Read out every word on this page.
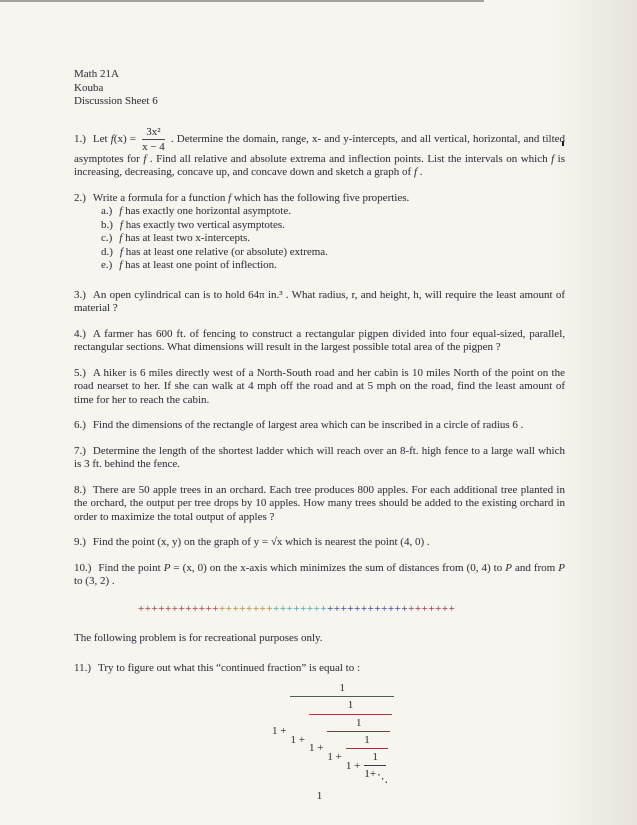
Math 21A
Kouba
Discussion Sheet 6

1.) Let $f(x) = \frac{\text{3x²}}{x - 4}$ . Determine the domain, range, x- and y-intercepts, and all vertical, horizontal, and tilted asymptotes for f . Find all relative and absolute extrema and inflection points. List the intervals on which f is increasing, decreasing, concave up, and concave down and sketch a graph of f .

2.) Write a formula for a function f which has the following five properties.

a.) f has exactly one horizontal asymptote.
b.) f has exactly two vertical asymptotes.
c.) f has at least two x-intercepts.
d.) f has at least one relative (or absolute) extrema.
e.) f has at least one point of inflection.

3.) An open cylindrical can is to hold 64π in.³ . What radius, r, and height, h, will require the least amount of material ?

4.) A farmer has 600 ft. of fencing to construct a rectangular pigpen divided into four equal-sized, parallel, rectangular sections. What dimensions will result in the largest possible total area of the pigpen ?

5.) A hiker is 6 miles directly west of a North-South road and her cabin is 10 miles North of the point on the road nearset to her. If she can walk at 4 mph off the road and at 5 mph on the road, find the least amount of time for her to reach the cabin.

6.) Find the dimensions of the rectangle of largest area which can be inscribed in a circle of radius 6 .

7.) Determine the length of the shortest ladder which will reach over an 8-ft. high fence to a large wall which is 3 ft. behind the fence.

8.) There are 50 apple trees in an orchard. Each tree produces 800 apples. For each additional tree planted in the orchard, the output per tree drops by 10 apples. How many trees should be added to the existing orchard in order to maximize the total output of apples ?

9.) Find the point (x, y) on the graph of y = √x which is nearest the point (4, 0) .

10.) Find the point P = (x, 0) on the x-axis which minimizes the sum of distances from (0, 4) to P and from P to (3, 2) .

+++++++++++++++++++++++++++++++++++++++++++++++

The following problem is for recreational purposes only.

11.) Try to figure out what this “continued fraction” is equal to :

$1 + \frac{1}{1 + \frac{1}{1 + \frac{1}{1 + \frac{1}{1 + \frac{1}{1+⋱}}}}}$
1
